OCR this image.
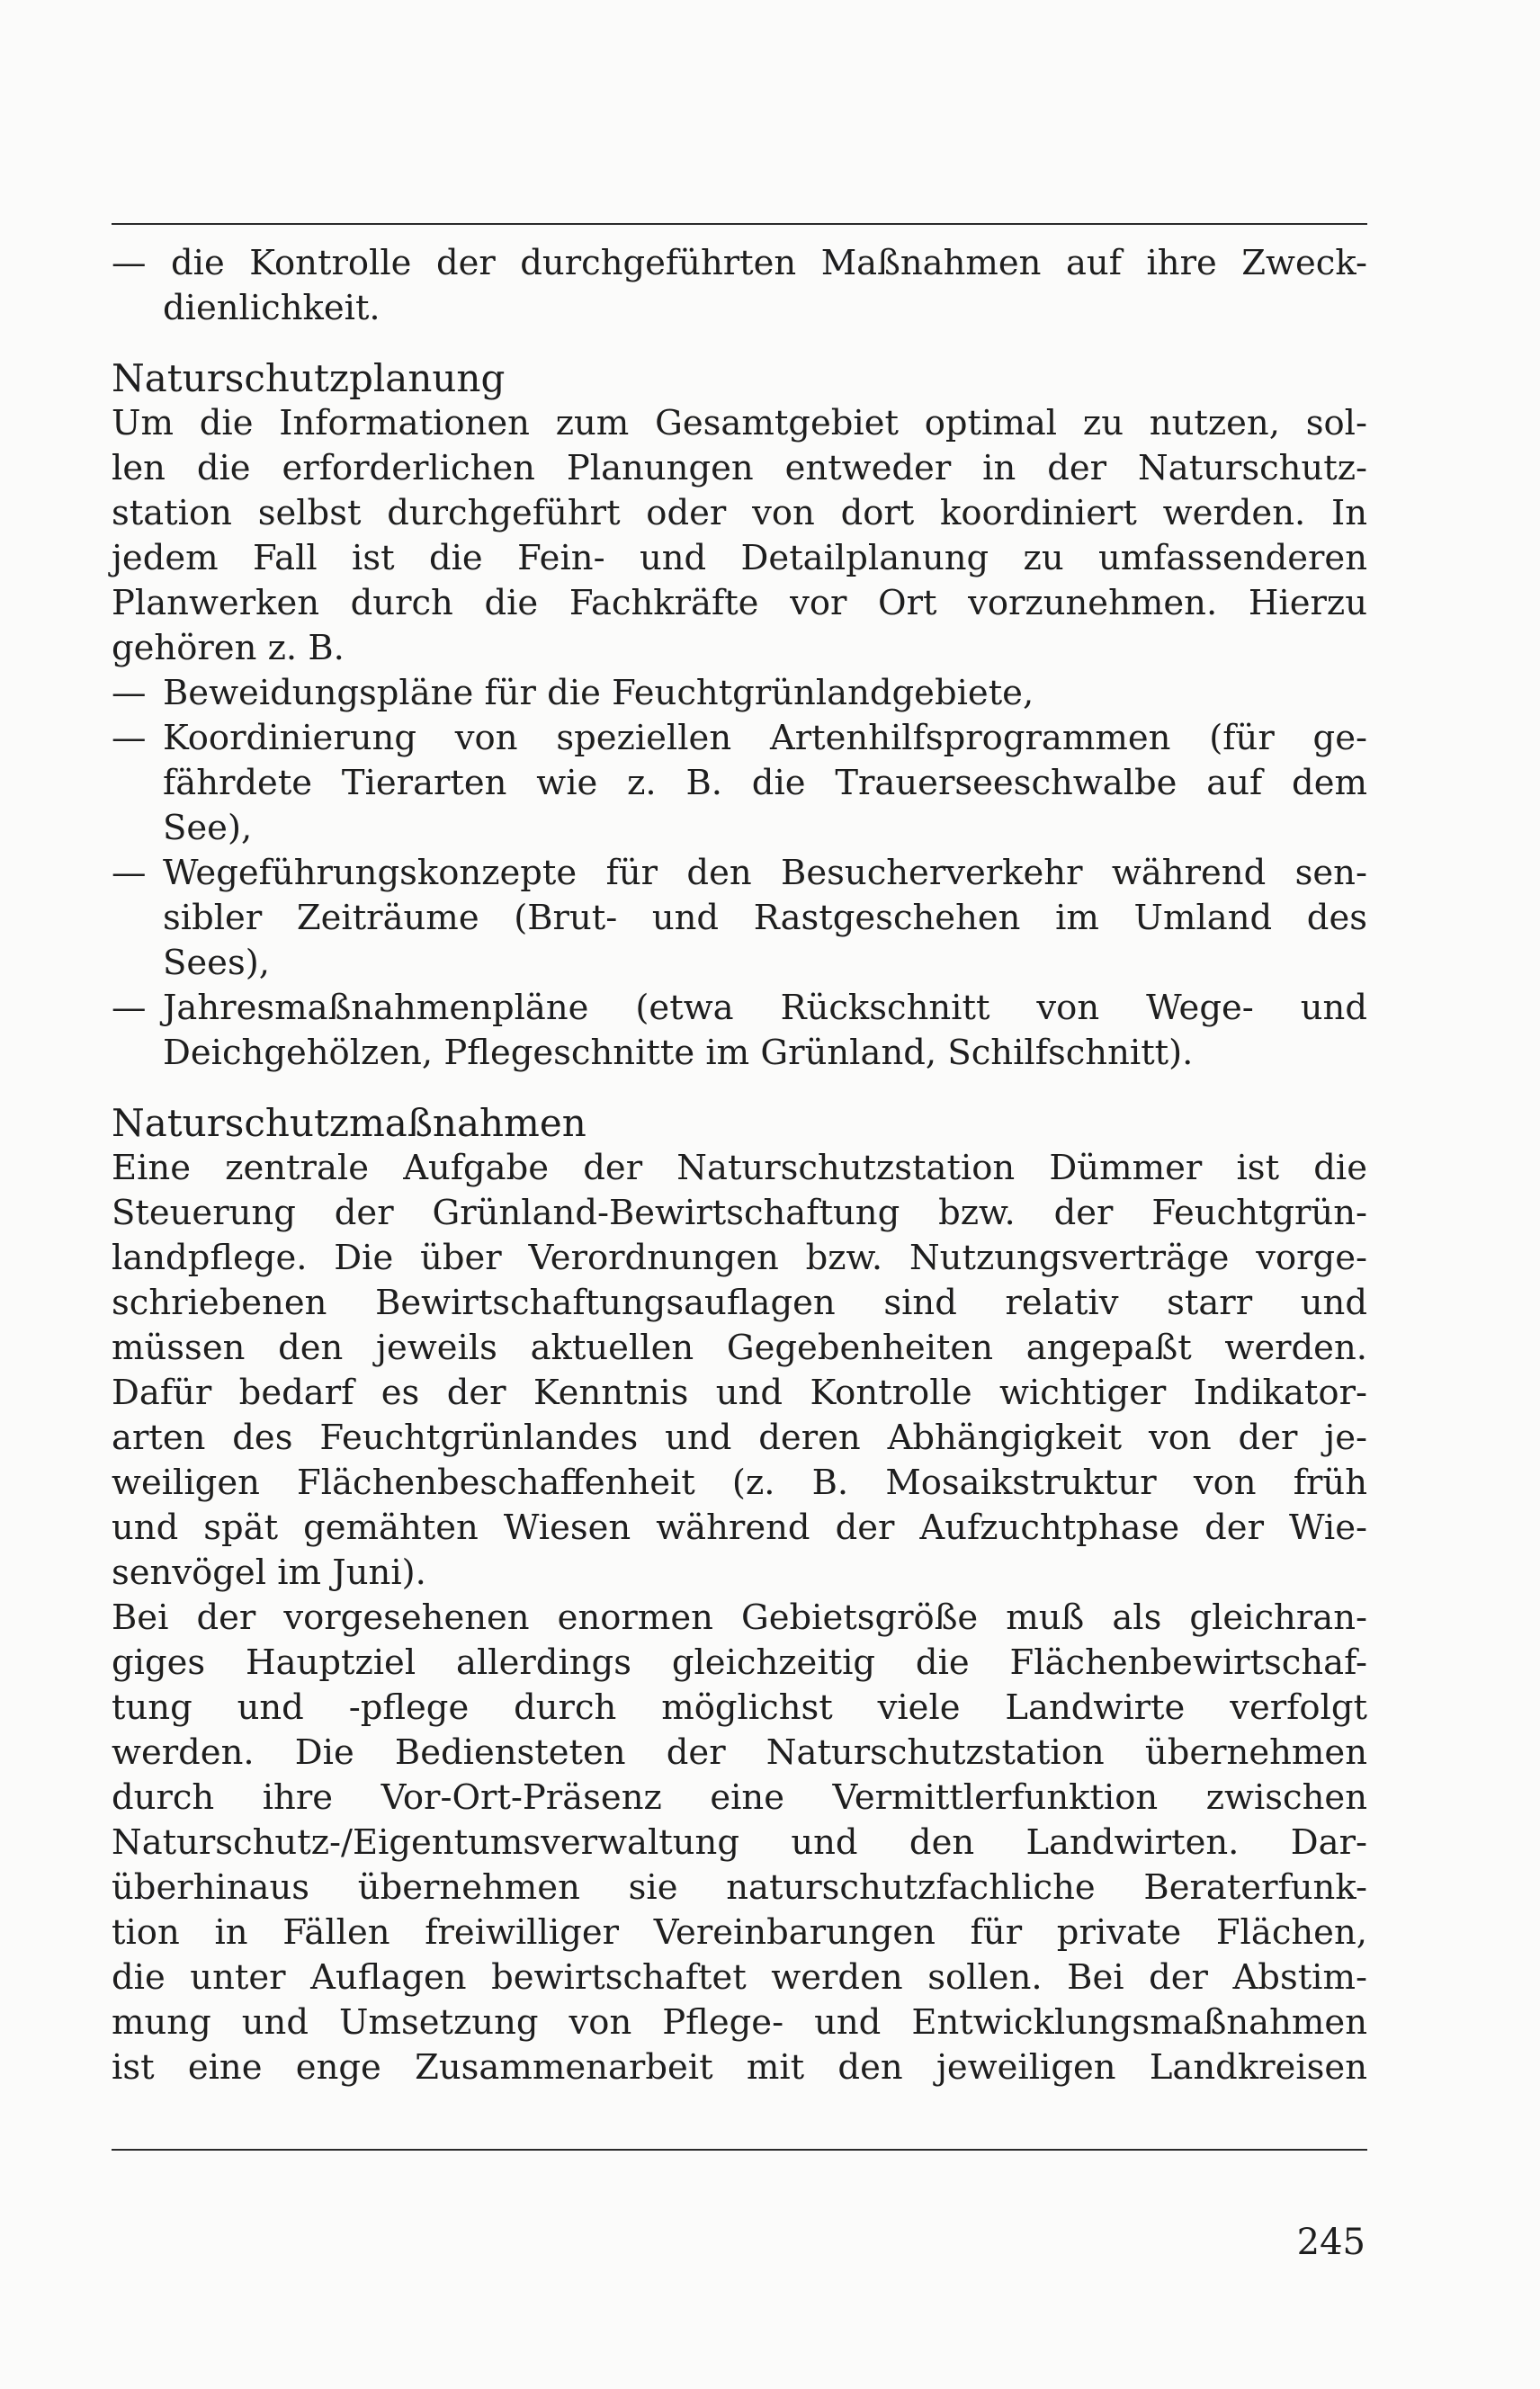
— die Kontrolle der durchgeführten Maßnahmen auf ihre Zweck-
dienlichkeit.
Naturschutzplanung
Um die Informationen zum Gesamtgebiet optimal zu nutzen, sol-
len die erforderlichen Planungen entweder in der Naturschutz-
station selbst durchgeführt oder von dort koordiniert werden. In
jedem Fall ist die Fein- und Detailplanung zu umfassenderen
Planwerken durch die Fachkräfte vor Ort vorzunehmen. Hierzu
gehören z. B.
— Beweidungspläne für die Feuchtgrünlandgebiete,
— Koordinierung von speziellen Artenhilfsprogrammen (für ge-
fährdete Tierarten wie z. B. die Trauerseeschwalbe auf dem
See),
— Wegeführungskonzepte für den Besucherverkehr während sen-
sibler Zeiträume (Brut- und Rastgeschehen im Umland des
Sees),
— Jahresmaßnahmenpläne (etwa Rückschnitt von Wege- und
Deichgehölzen, Pflegeschnitte im Grünland, Schilfschnitt).
Naturschutzmaßnahmen
Eine zentrale Aufgabe der Naturschutzstation Dümmer ist die
Steuerung der Grünland-Bewirtschaftung bzw. der Feuchtgrün-
landpflege. Die über Verordnungen bzw. Nutzungsverträge vorge-
schriebenen Bewirtschaftungsauflagen sind relativ starr und
müssen den jeweils aktuellen Gegebenheiten angepaßt werden.
Dafür bedarf es der Kenntnis und Kontrolle wichtiger Indikator-
arten des Feuchtgrünlandes und deren Abhängigkeit von der je-
weiligen Flächenbeschaffenheit (z. B. Mosaikstruktur von früh
und spät gemähten Wiesen während der Aufzuchtphase der Wie-
senvögel im Juni).
Bei der vorgesehenen enormen Gebietsgröße muß als gleichran-
giges Hauptziel allerdings gleichzeitig die Flächenbewirtschaf-
tung und -pflege durch möglichst viele Landwirte verfolgt
werden. Die Bediensteten der Naturschutzstation übernehmen
durch ihre Vor-Ort-Präsenz eine Vermittlerfunktion zwischen
Naturschutz-/Eigentumsverwaltung und den Landwirten. Dar-
überhinaus übernehmen sie naturschutzfachliche Beraterfunk-
tion in Fällen freiwilliger Vereinbarungen für private Flächen,
die unter Auflagen bewirtschaftet werden sollen. Bei der Abstim-
mung und Umsetzung von Pflege- und Entwicklungsmaßnahmen
ist eine enge Zusammenarbeit mit den jeweiligen Landkreisen
245
